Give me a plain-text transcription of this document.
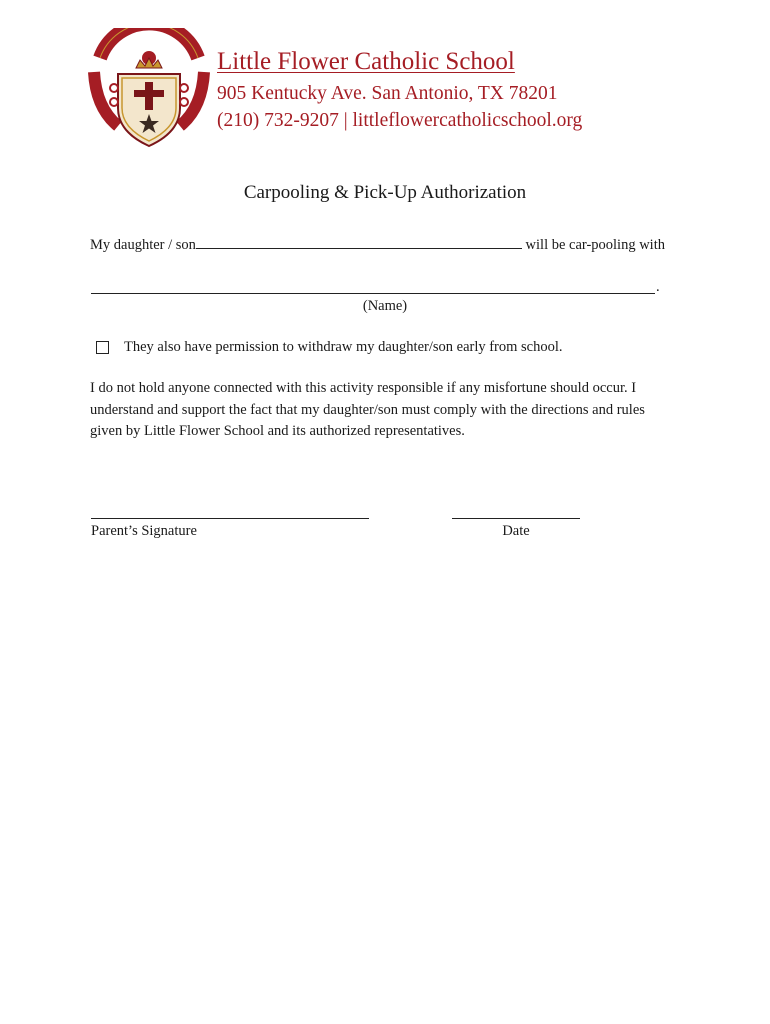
Little Flower Catholic School
905 Kentucky Ave. San Antonio, TX 78201
(210) 732-9207 | littleflowercatholicschool.org
Carpooling & Pick-Up Authorization
My daughter / son	will be car-pooling with
.
(Name)
They also have permission to withdraw my daughter/son early from school.
I do not hold anyone connected with this activity responsible if any misfortune should occur. I understand and support the fact that my daughter/son must comply with the directions and rules given by Little Flower School and its authorized representatives.
Parent’s Signature	Date
